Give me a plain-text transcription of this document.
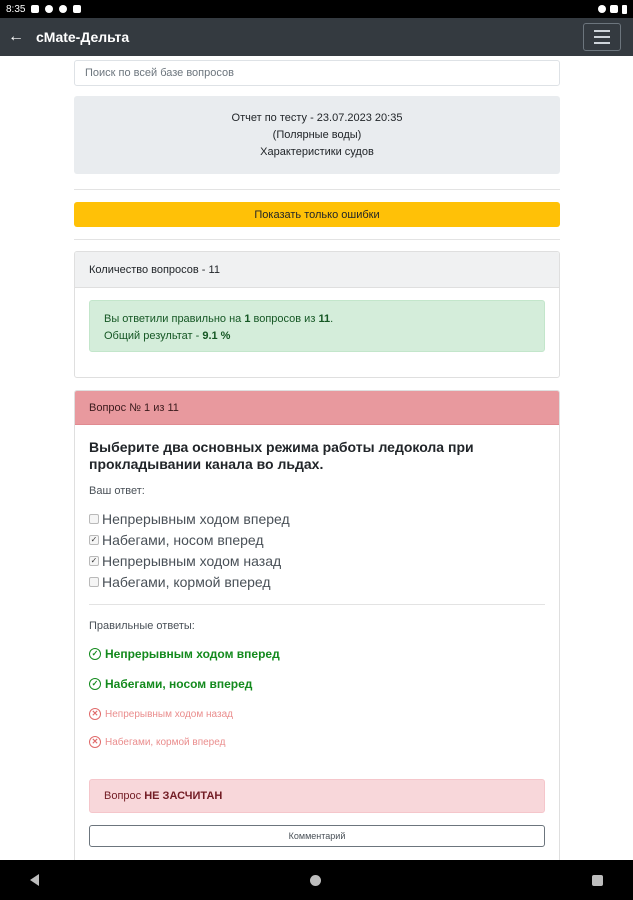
8:35
← cMate-Дельта
Поиск по всей базе вопросов
Отчет по тесту - 23.07.2023 20:35
(Полярные воды)
Характеристики судов
Показать только ошибки
Количество вопросов - 11
Вы ответили правильно на 1 вопросов из 11.
Общий результат - 9.1 %
Вопрос № 1 из 11
Выберите два основных режима работы ледокола при прокладывании канала во льдах.
Ваш ответ:
Непрерывным ходом вперед
✓ Набегами, носом вперед
✓ Непрерывным ходом назад
Набегами, кормой вперед
Правильные ответы:
✓ Непрерывным ходом вперед
✓ Набегами, носом вперед
✕ Непрерывным ходом назад
✕ Набегами, кормой вперед
Вопрос
НЕ ЗАСЧИТАН
Комментарий
